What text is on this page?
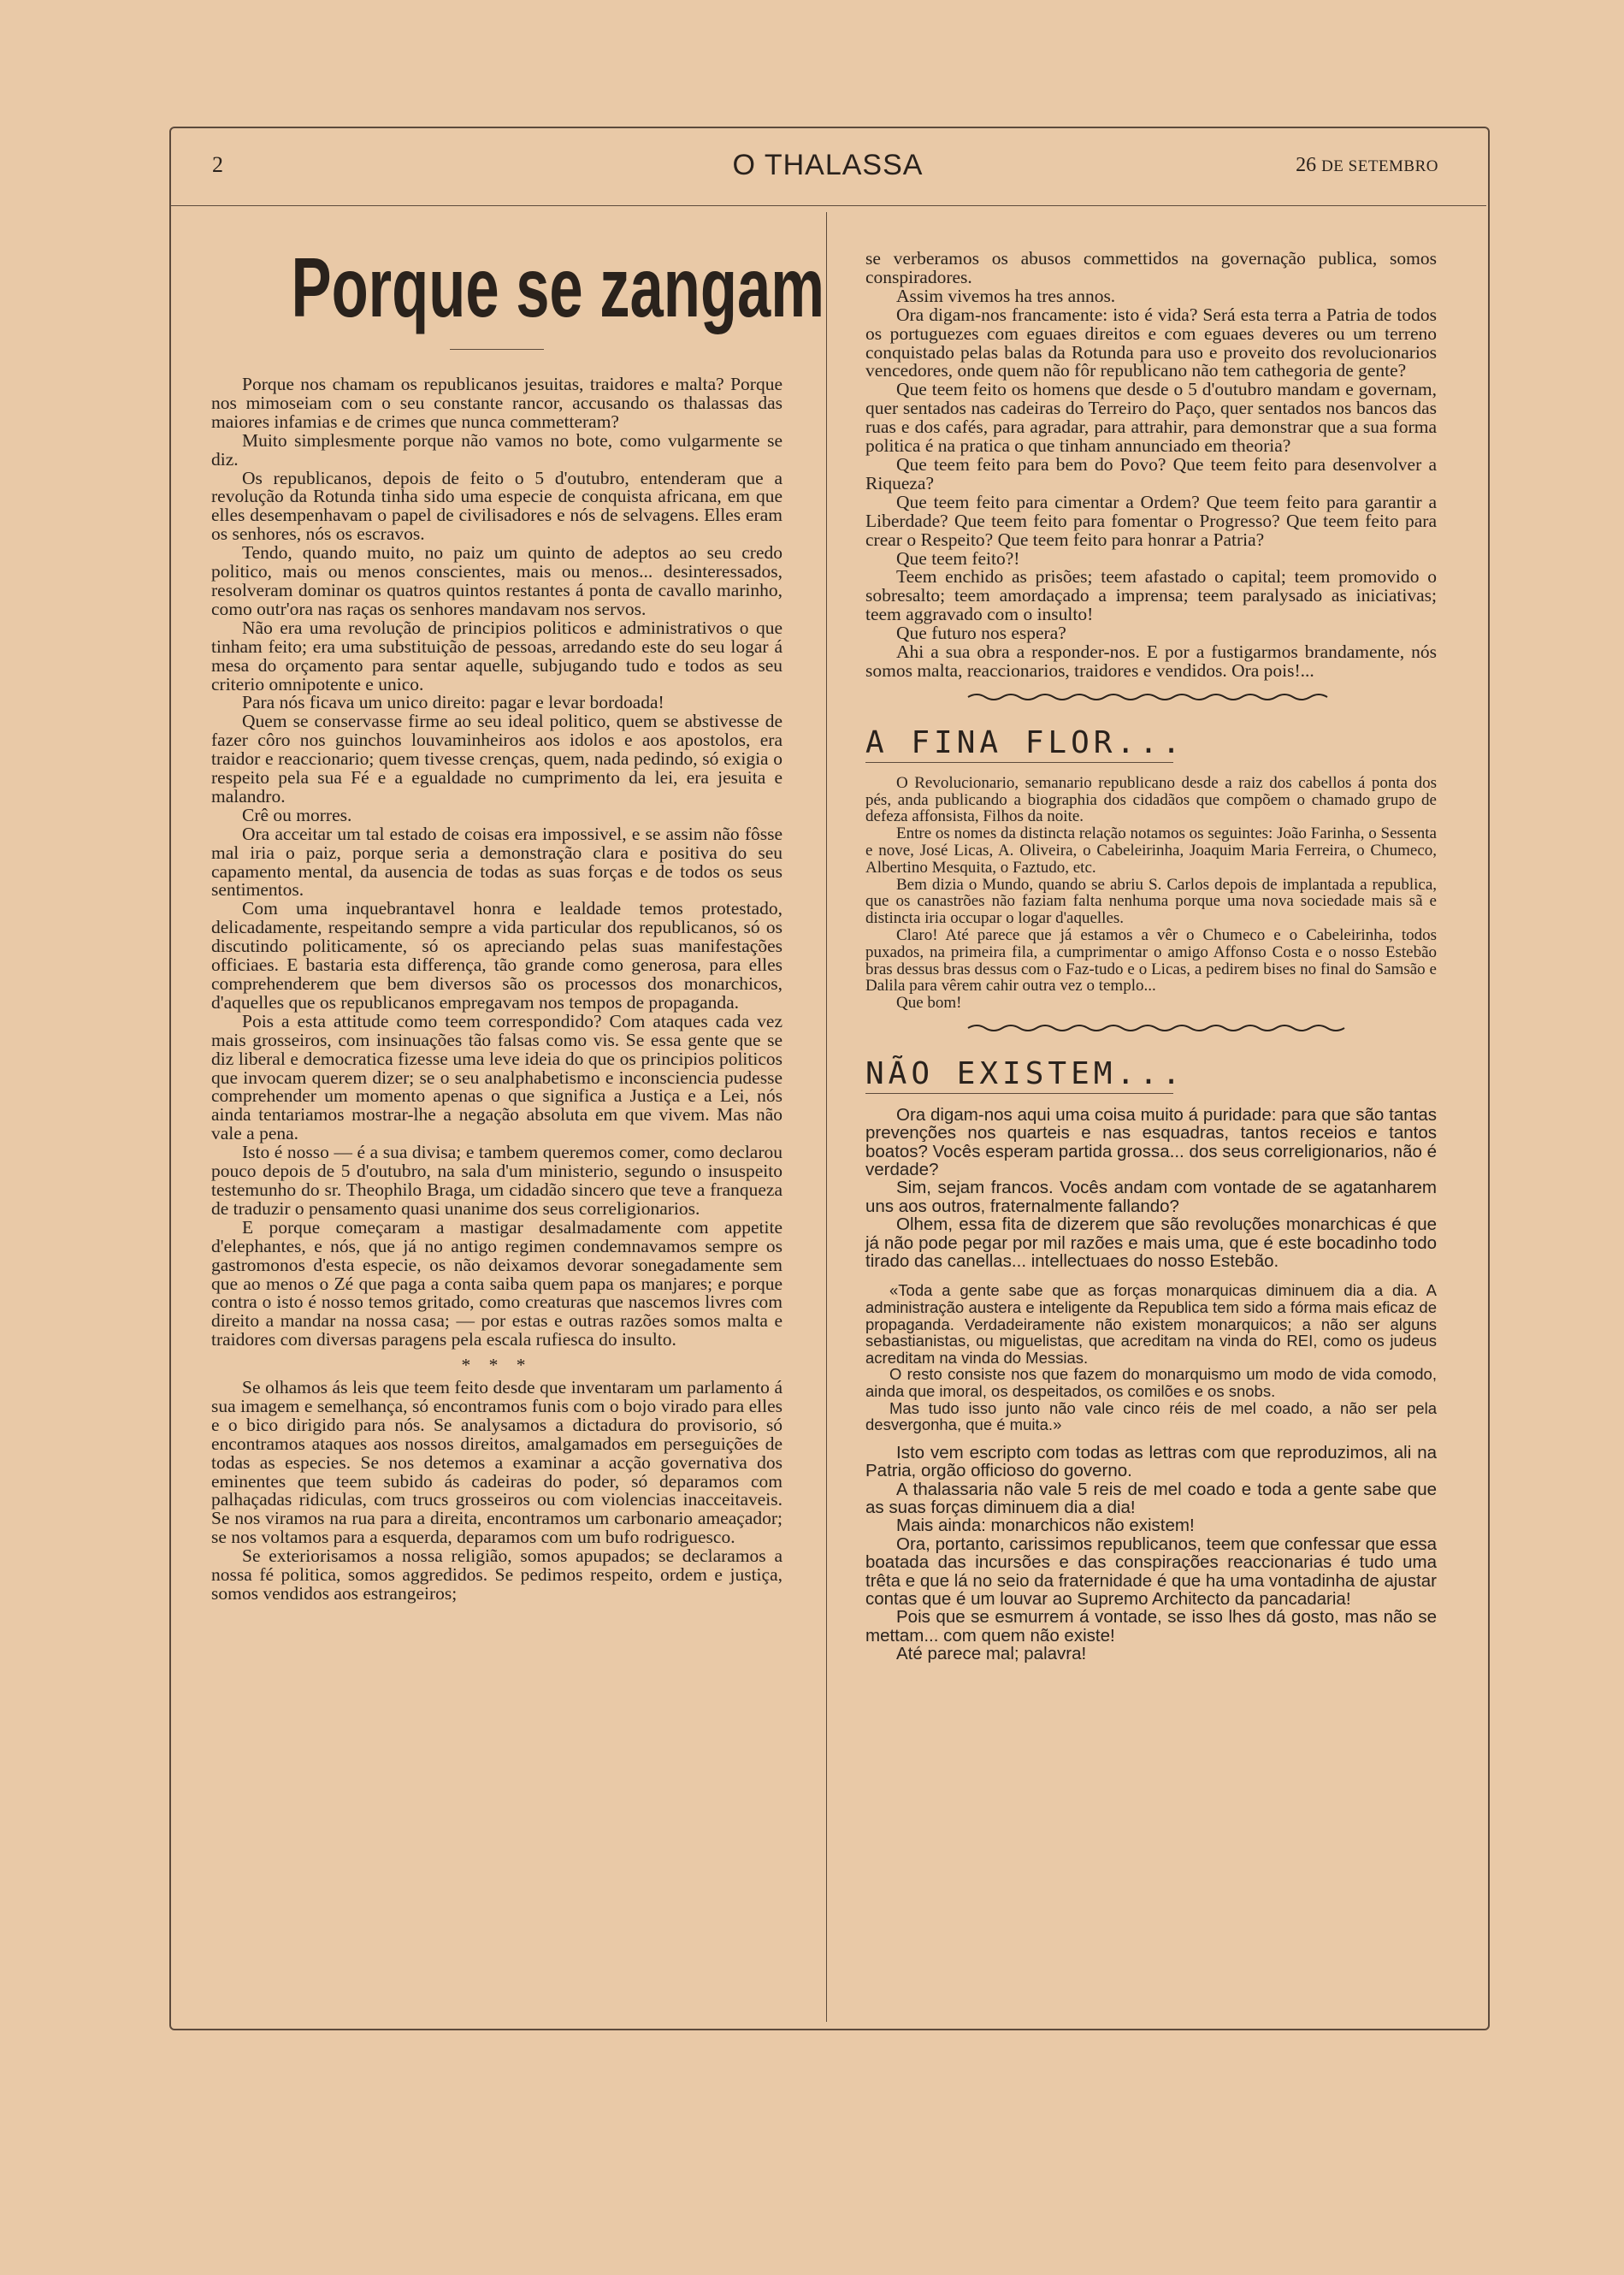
2	O THALASSA	26 DE SETEMBRO
Porque se zangam

Porque nos chamam os republicanos jesuitas, traidores e malta? Porque nos mimoseiam com o seu constante rancor, accusando os thalassas das maiores infamias e de crimes que nunca commetteram?

Muito simplesmente porque não vamos no bote, como vulgarmente se diz.

Os republicanos, depois de feito o 5 d'outubro, entenderam que a revolução da Rotunda tinha sido uma especie de conquista africana, em que elles desempenhavam o papel de civilisadores e nós de selvagens. Elles eram os senhores, nós os escravos.

Tendo, quando muito, no paiz um quinto de adeptos ao seu credo politico, mais ou menos conscientes, mais ou menos... desinteressados, resolveram dominar os quatros quintos restantes á ponta de cavallo marinho, como outr'ora nas raças os senhores mandavam nos servos.

Não era uma revolução de principios politicos e administrativos o que tinham feito; era uma substituição de pessoas, arredando este do seu logar á mesa do orçamento para sentar aquelle, subjugando tudo e todos as seu criterio omnipotente e unico.

Para nós ficava um unico direito: pagar e levar bordoada!

Quem se conservasse firme ao seu ideal politico, quem se abstivesse de fazer côro nos guinchos louvaminheiros aos idolos e aos apostolos, era traidor e reaccionario; quem tivesse crenças, quem, nada pedindo, só exigia o respeito pela sua Fé e a egualdade no cumprimento da lei, era jesuita e malandro.

Crê ou morres.

Ora acceitar um tal estado de coisas era impossivel, e se assim não fôsse mal iria o paiz, porque seria a demonstração clara e positiva do seu capamento mental, da ausencia de todas as suas forças e de todos os seus sentimentos.

Com uma inquebrantavel honra e lealdade temos protestado, delicadamente, respeitando sempre a vida particular dos republicanos, só os discutindo politicamente, só os apreciando pelas suas manifestações officiaes. E bastaria esta differença, tão grande como generosa, para elles comprehenderem que bem diversos são os processos dos monarchicos, d'aquelles que os republicanos empregavam nos tempos de propaganda.

Pois a esta attitude como teem correspondido? Com ataques cada vez mais grosseiros, com insinuações tão falsas como vis. Se essa gente que se diz liberal e democratica fizesse uma leve ideia do que os principios politicos que invocam querem dizer; se o seu analphabetismo e inconsciencia pudesse comprehender um momento apenas o que significa a Justiça e a Lei, nós ainda tentariamos mostrar-lhe a negação absoluta em que vivem. Mas não vale a pena.

Isto é nosso — é a sua divisa; e tambem queremos comer, como declarou pouco depois de 5 d'outubro, na sala d'um ministerio, segundo o insuspeito testemunho do sr. Theophilo Braga, um cidadão sincero que teve a franqueza de traduzir o pensamento quasi unanime dos seus correligionarios.

E porque começaram a mastigar desalmadamente com appetite d'elephantes, e nós, que já no antigo regimen condemnavamos sempre os gastromonos d'esta especie, os não deixamos devorar sonegadamente sem que ao menos o Zé que paga a conta saiba quem papa os manjares; e porque contra o isto é nosso temos gritado, como creaturas que nascemos livres com direito a mandar na nossa casa; — por estas e outras razões somos malta e traidores com diversas paragens pela escala rufiesca do insulto.

* * *

Se olhamos ás leis que teem feito desde que inventaram um parlamento á sua imagem e semelhança, só encontramos funis com o bojo virado para elles e o bico dirigido para nós. Se analysamos a dictadura do provisorio, só encontramos ataques aos nossos direitos, amalgamados em perseguições de todas as especies. Se nos detemos a examinar a acção governativa dos eminentes que teem subido ás cadeiras do poder, só deparamos com palhaçadas ridiculas, com trucs grosseiros ou com violencias inacceitaveis. Se nos viramos na rua para a direita, encontramos um carbonario ameaçador; se nos voltamos para a esquerda, deparamos com um bufo rodriguesco.

Se exteriorisamos a nossa religião, somos apupados; se declaramos a nossa fé politica, somos aggredidos. Se pedimos respeito, ordem e justiça, somos vendidos aos estrangeiros;

se verberamos os abusos commettidos na governação publica, somos conspiradores.

Assim vivemos ha tres annos.

Ora digam-nos francamente: isto é vida? Será esta terra a Patria de todos os portuguezes com eguaes direitos e com eguaes deveres ou um terreno conquistado pelas balas da Rotunda para uso e proveito dos revolucionarios vencedores, onde quem não fôr republicano não tem cathegoria de gente?

Que teem feito os homens que desde o 5 d'outubro mandam e governam, quer sentados nas cadeiras do Terreiro do Paço, quer sentados nos bancos das ruas e dos cafés, para agradar, para attrahir, para demonstrar que a sua forma politica é na pratica o que tinham annunciado em theoria?

Que teem feito para bem do Povo? Que teem feito para desenvolver a Riqueza?

Que teem feito para cimentar a Ordem? Que teem feito para garantir a Liberdade? Que teem feito para fomentar o Progresso? Que teem feito para crear o Respeito? Que teem feito para honrar a Patria?

Que teem feito?!

Teem enchido as prisões; teem afastado o capital; teem promovido o sobresalto; teem amordaçado a imprensa; teem paralysado as iniciativas; teem aggravado com o insulto!

Que futuro nos espera?

Ahi a sua obra a responder-nos. E por a fustigarmos brandamente, nós somos malta, reaccionarios, traidores e vendidos. Ora pois!...

A FINA FLOR...

O Revolucionario, semanario republicano desde a raiz dos cabellos á ponta dos pés, anda publicando a biographia dos cidadãos que compõem o chamado grupo de defeza affonsista, Filhos da noite.

Entre os nomes da distincta relação notamos os seguintes: João Farinha, o Sessenta e nove, José Licas, A. Oliveira, o Cabeleirinha, Joaquim Maria Ferreira, o Chumeco, Albertino Mesquita, o Faztudo, etc.

Bem dizia o Mundo, quando se abriu S. Carlos depois de implantada a republica, que os canastrões não faziam falta nenhuma porque uma nova sociedade mais sã e distincta iria occupar o logar d'aquelles.

Claro! Até parece que já estamos a vêr o Chumeco e o Cabeleirinha, todos puxados, na primeira fila, a cumprimentar o amigo Affonso Costa e o nosso Estebão bras dessus bras dessus com o Faz-tudo e o Licas, a pedirem bises no final do Samsão e Dalila para vêrem cahir outra vez o templo...

Que bom!

NÃO EXISTEM...

Ora digam-nos aqui uma coisa muito á puridade: para que são tantas prevenções nos quarteis e nas esquadras, tantos receios e tantos boatos? Vocês esperam partida grossa... dos seus correligionarios, não é verdade?

Sim, sejam francos. Vocês andam com vontade de se agatanharem uns aos outros, fraternalmente fallando?

Olhem, essa fita de dizerem que são revoluções monarchicas é que já não pode pegar por mil razões e mais uma, que é este bocadinho todo tirado das canellas... intellectuaes do nosso Estebão.

«Toda a gente sabe que as forças monarquicas diminuem dia a dia. A administração austera e inteligente da Republica tem sido a fórma mais eficaz de propaganda. Verdadeiramente não existem monarquicos; a não ser alguns sebastianistas, ou miguelistas, que acreditam na vinda do REI, como os judeus acreditam na vinda do Messias.

O resto consiste nos que fazem do monarquismo um modo de vida comodo, ainda que imoral, os despeitados, os comilões e os snobs.

Mas tudo isso junto não vale cinco réis de mel coado, a não ser pela desvergonha, que é muita.»

Isto vem escripto com todas as lettras com que reproduzimos, ali na Patria, orgão officioso do governo.

A thalassaria não vale 5 reis de mel coado e toda a gente sabe que as suas forças diminuem dia a dia!

Mais ainda: monarchicos não existem!

Ora, portanto, carissimos republicanos, teem que confessar que essa boatada das incursões e das conspirações reaccionarias é tudo uma trêta e que lá no seio da fraternidade é que ha uma vontadinha de ajustar contas que é um louvar ao Supremo Architecto da pancadaria!

Pois que se esmurrem á vontade, se isso lhes dá gosto, mas não se mettam... com quem não existe!

Até parece mal; palavra!
